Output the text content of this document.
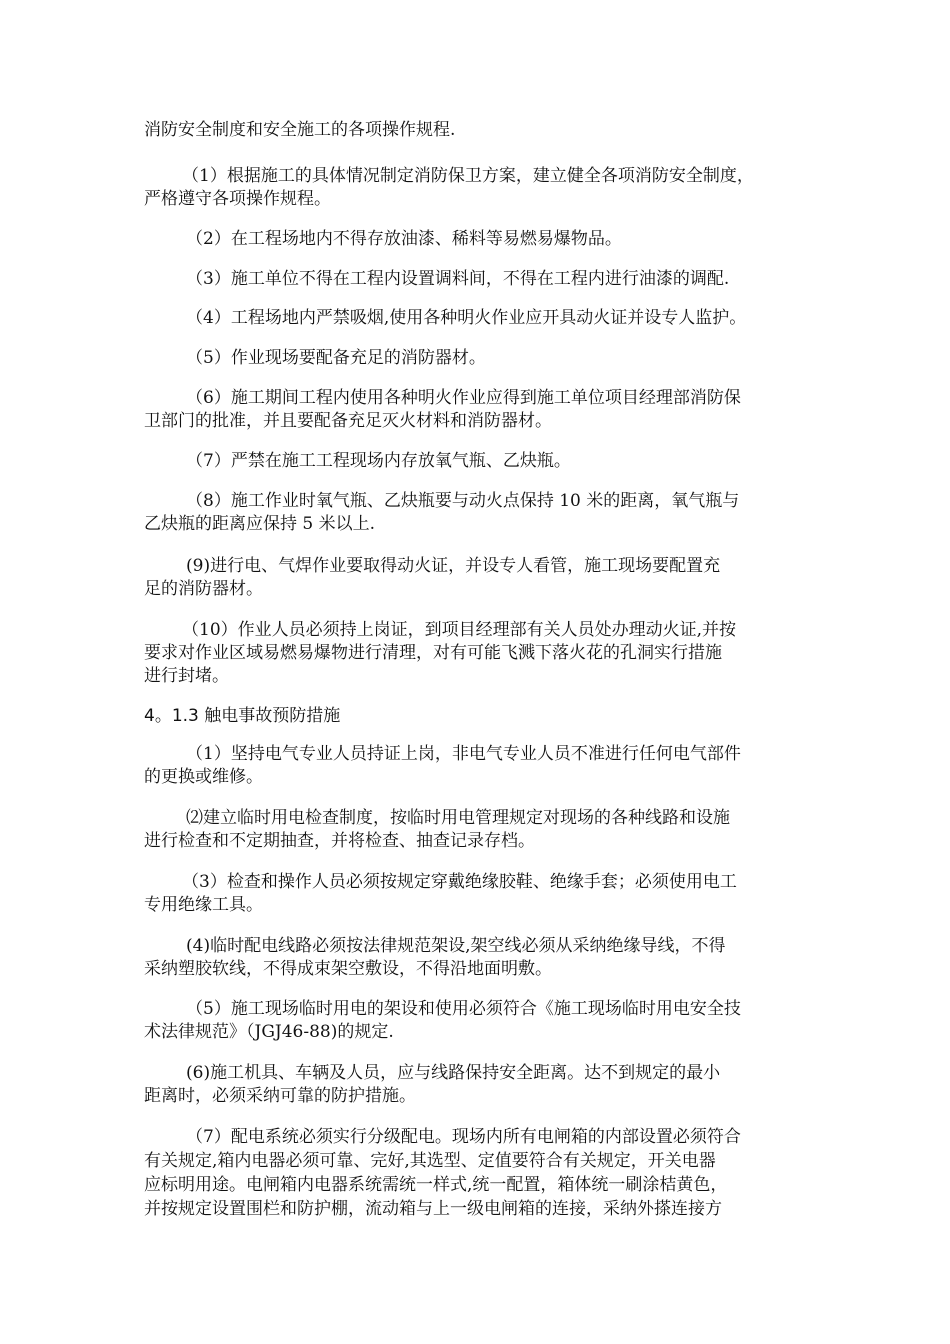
消防安全制度和安全施工的各项操作规程.
（1）根据施工的具体情况制定消防保卫方案，建立健全各项消防安全制度，
严格遵守各项操作规程。
（2）在工程场地内不得存放油漆、稀料等易燃易爆物品。
（3）施工单位不得在工程内设置调料间，不得在工程内进行油漆的调配.
（4）工程场地内严禁吸烟,使用各种明火作业应开具动火证并设专人监护。
（5）作业现场要配备充足的消防器材。
（6）施工期间工程内使用各种明火作业应得到施工单位项目经理部消防保
卫部门的批准，并且要配备充足灭火材料和消防器材。
（7）严禁在施工工程现场内存放氧气瓶、乙炔瓶。
（8）施工作业时氧气瓶、乙炔瓶要与动火点保持 10 米的距离，氧气瓶与
乙炔瓶的距离应保持 5 米以上.
(9)进行电、气焊作业要取得动火证，并设专人看管，施工现场要配置充
足的消防器材。
（10）作业人员必须持上岗证，到项目经理部有关人员处办理动火证,并按
要求对作业区域易燃易爆物进行清理，对有可能飞溅下落火花的孔洞实行措施
进行封堵。
4。1.3 触电事故预防措施
（1）坚持电气专业人员持证上岗，非电气专业人员不准进行任何电气部件
的更换或维修。
⑵建立临时用电检查制度，按临时用电管理规定对现场的各种线路和设施
进行检查和不定期抽查，并将检查、抽查记录存档。
（3）检查和操作人员必须按规定穿戴绝缘胶鞋、绝缘手套；必须使用电工
专用绝缘工具。
(4)临时配电线路必须按法律规范架设,架空线必须从采纳绝缘导线，不得
采纳塑胶软线，不得成束架空敷设，不得沿地面明敷。
（5）施工现场临时用电的架设和使用必须符合《施工现场临时用电安全技
术法律规范》（JGJ46-88)的规定.
(6)施工机具、车辆及人员，应与线路保持安全距离。达不到规定的最小
距离时，必须采纳可靠的防护措施。
（7）配电系统必须实行分级配电。现场内所有电闸箱的内部设置必须符合
有关规定,箱内电器必须可靠、完好,其选型、定值要符合有关规定，开关电器
应标明用途。电闸箱内电器系统需统一样式,统一配置，箱体统一刷涂桔黄色，
并按规定设置围栏和防护棚，流动箱与上一级电闸箱的连接，采纳外搽连接方
